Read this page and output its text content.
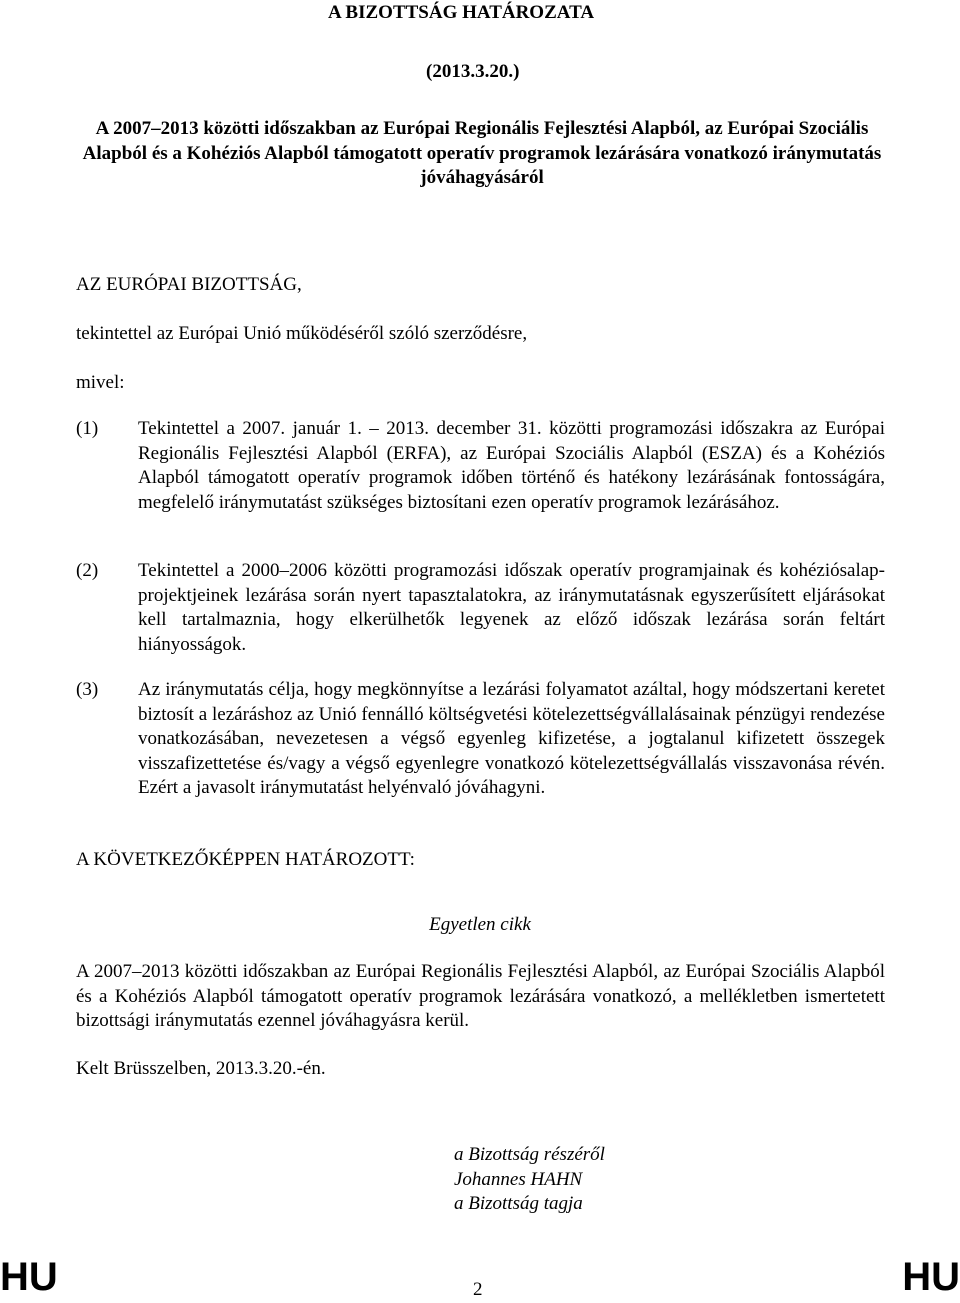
A BIZOTTSÁG HATÁROZATA
(2013.3.20.)
A 2007–2013 közötti időszakban az Európai Regionális Fejlesztési Alapból, az Európai Szociális Alapból és a Kohéziós Alapból támogatott operatív programok lezárására vonatkozó iránymutatás jóváhagyásáról
AZ EURÓPAI BIZOTTSÁG,
tekintettel az Európai Unió működéséről szóló szerződésre,
mivel:
(1) Tekintettel a 2007. január 1. – 2013. december 31. közötti programozási időszakra az Európai Regionális Fejlesztési Alapból (ERFA), az Európai Szociális Alapból (ESZA) és a Kohéziós Alapból támogatott operatív programok időben történő és hatékony lezárásának fontosságára, megfelelő iránymutatást szükséges biztosítani ezen operatív programok lezárásához.
(2) Tekintettel a 2000–2006 közötti programozási időszak operatív programjainak és kohéziósalap-projektjeinek lezárása során nyert tapasztalatokra, az iránymutatásnak egyszerűsített eljárásokat kell tartalmaznia, hogy elkerülhetők legyenek az előző időszak lezárása során feltárt hiányosságok.
(3) Az iránymutatás célja, hogy megkönnyítse a lezárási folyamatot azáltal, hogy módszertani keretet biztosít a lezáráshoz az Unió fennálló költségvetési kötelezettségvállalásainak pénzügyi rendezése vonatkozásában, nevezetesen a végső egyenleg kifizetése, a jogtalanul kifizetett összegek visszafizettetése és/vagy a végső egyenlegre vonatkozó kötelezettségvállalás visszavonása révén. Ezért a javasolt iránymutatást helyénvaló jóváhagyni.
A KÖVETKEZŐKÉPPEN HATÁROZOTT:
Egyetlen cikk
A 2007–2013 közötti időszakban az Európai Regionális Fejlesztési Alapból, az Európai Szociális Alapból és a Kohéziós Alapból támogatott operatív programok lezárására vonatkozó, a mellékletben ismertetett bizottsági iránymutatás ezennel jóváhagyásra kerül.
Kelt Brüsszelben, 2013.3.20.-én.
a Bizottság részéről
Johannes HAHN
a Bizottság tagja
HU	2	HU
